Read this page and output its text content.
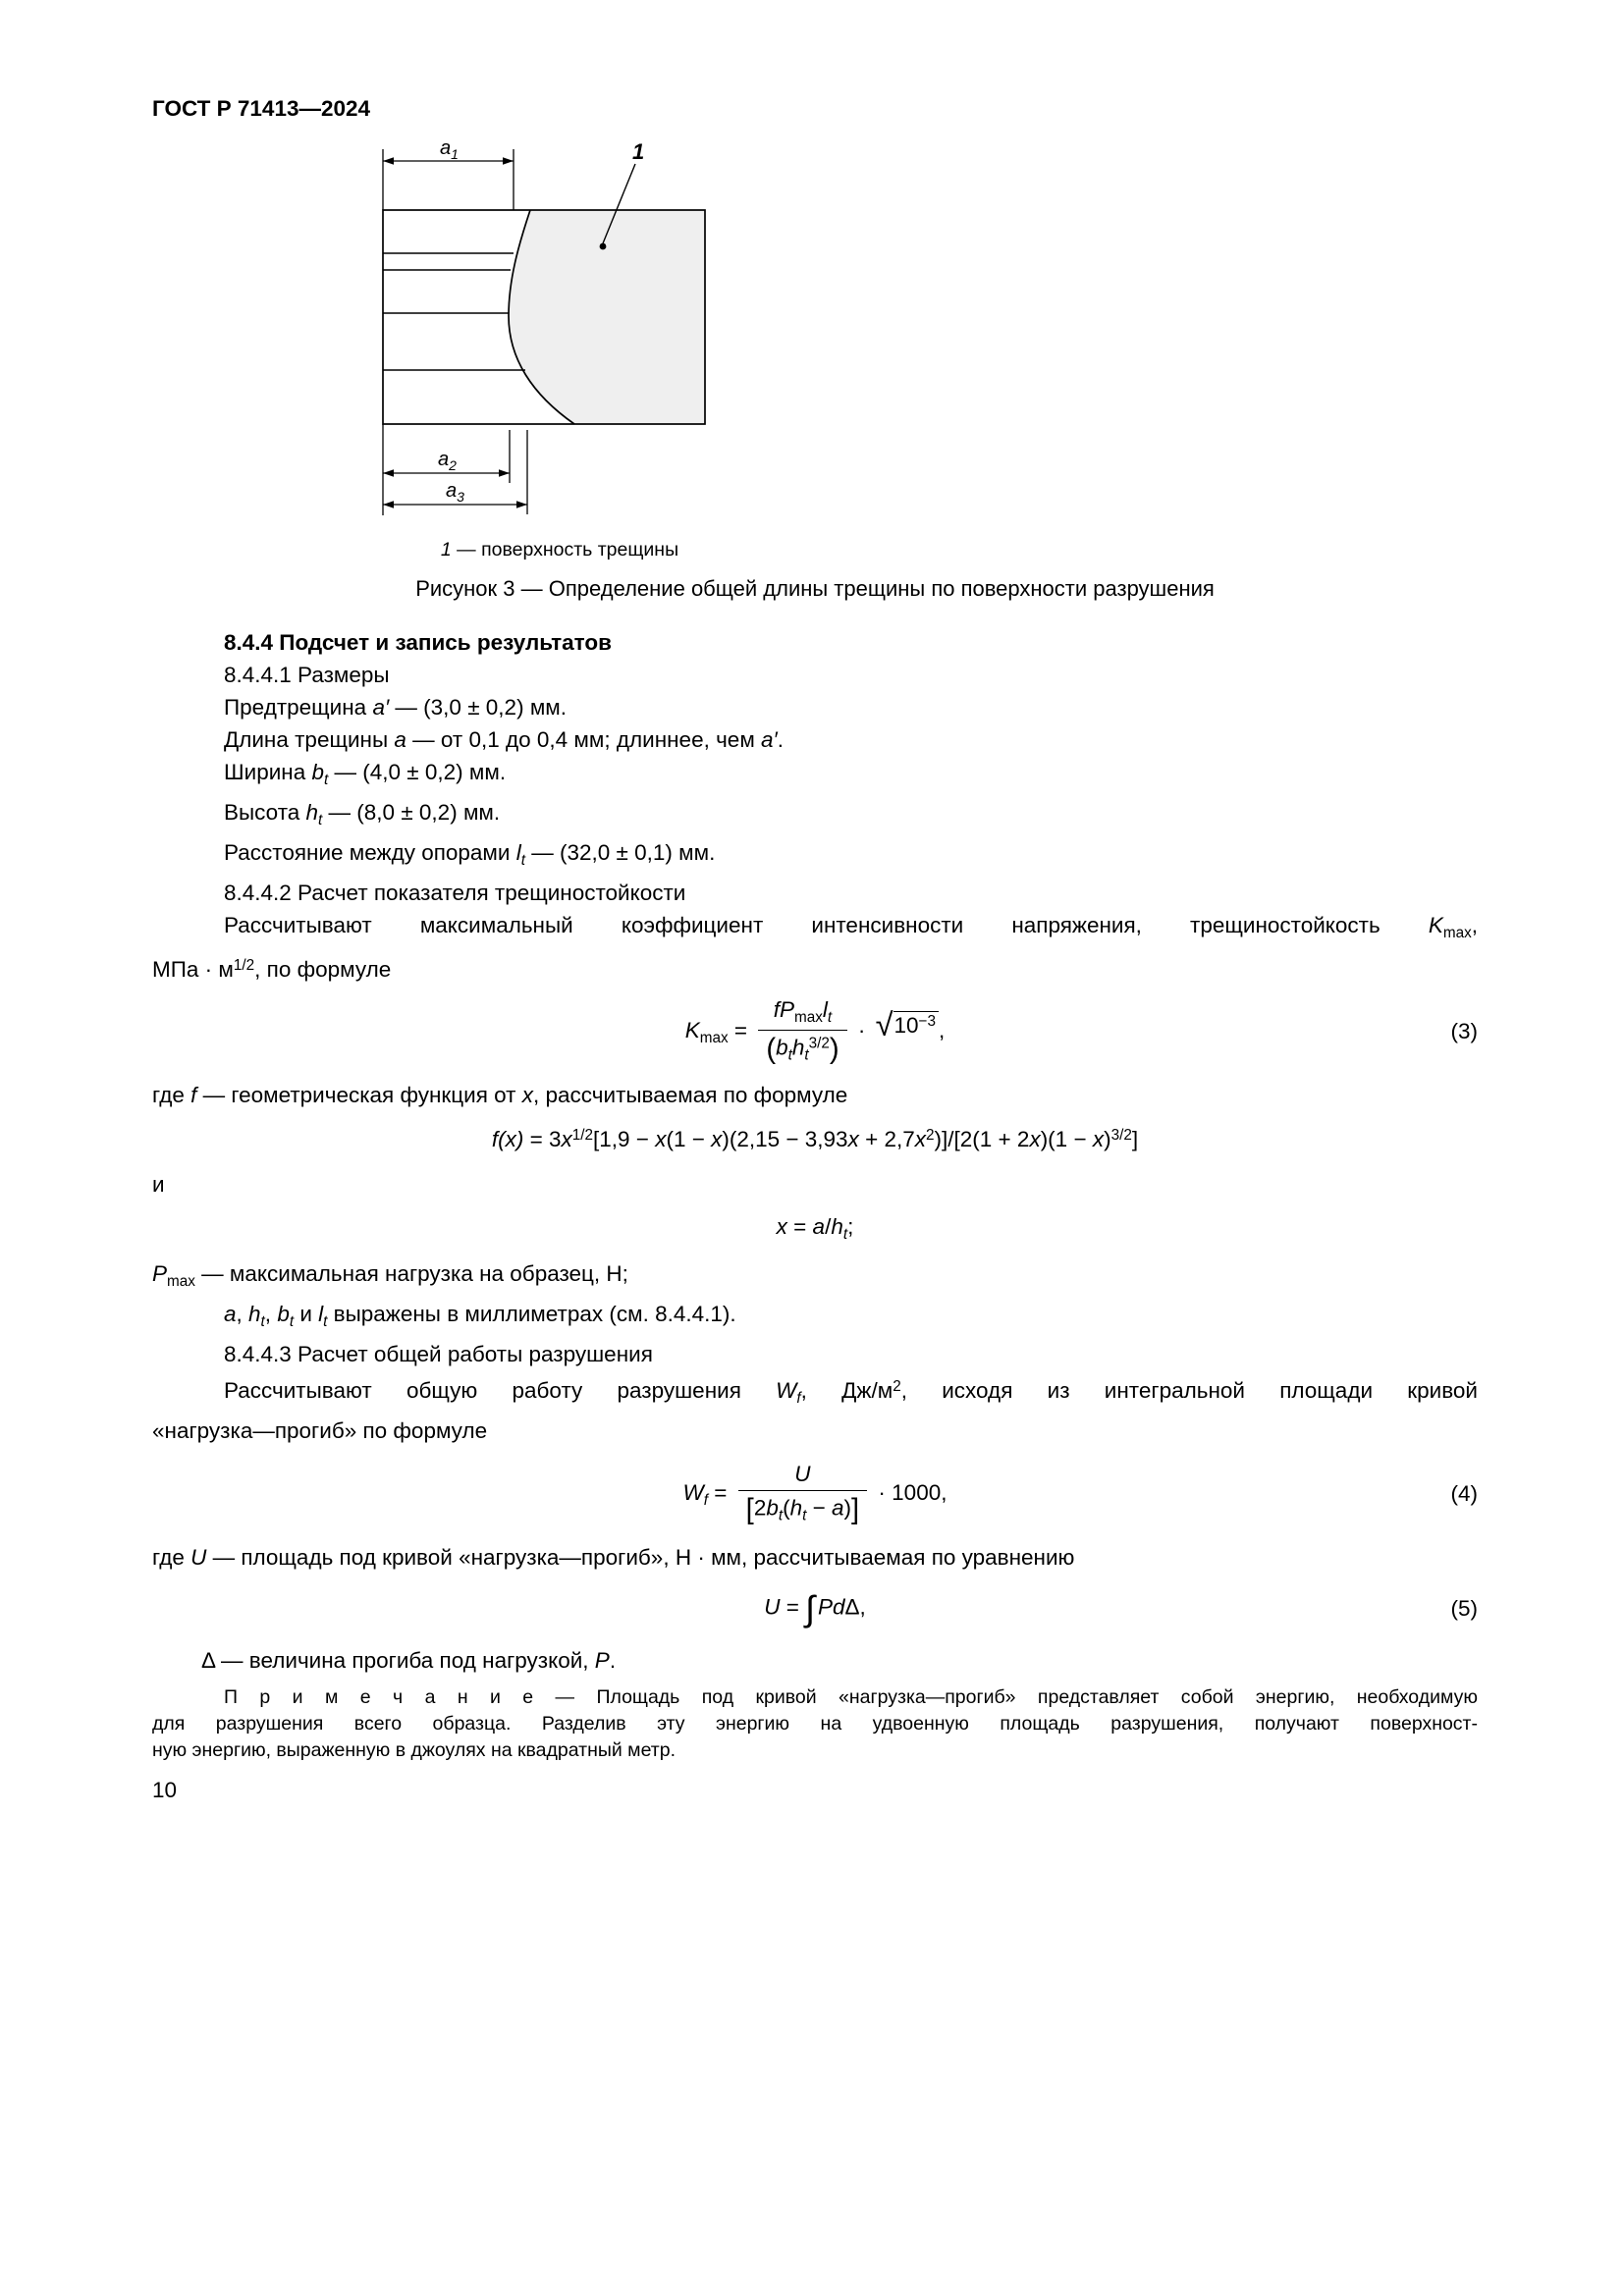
ГОСТ Р 71413—2024
$a_1$	1
$a_2$
$a_3$
1 — поверхность трещины
Рисунок 3 — Определение общей длины трещины по поверхности разрушения
8.4.4 Подсчет и запись результатов
8.4.4.1 Размеры
Предтрещина a′ — (3,0 ± 0,2) мм.
Длина трещины a — от 0,1 до 0,4 мм; длиннее, чем a′.
Ширина $b_t$ — (4,0 ± 0,2) мм.
Высота $h_t$ — (8,0 ± 0,2) мм.
Расстояние между опорами $l_t$ — (32,0 ± 0,1) мм.
8.4.4.2 Расчет показателя трещиностойкости
Рассчитывают максимальный коэффициент интенсивности напряжения, трещиностойкость $K_{max}$,
МПа · $м^{1/2}$, по формуле
$K_{max} = \frac{fP_{max}l_t}{(b_th_t^{3/2})}$ · √ $10^{-3}$ ,	(3)
где f — геометрическая функция от x, рассчитываемая по формуле
$f(x) = 3x^{1/2}[1,9 - x(1 - x)(2,15 - 3,93x + 2,7x^2)]/[2(1 + 2x)(1 - x)^{3/2}]$
и
$x = a/h_t$;
$P_{max}$ — максимальная нагрузка на образец, Н;
a, $h_t$, $b_t$ и $l_t$ выражены в миллиметрах (см. 8.4.4.1).
8.4.4.3 Расчет общей работы разрушения
Рассчитывают общую работу разрушения $W_f$, $Дж/м^2$, исходя из интегральной площади кривой
«нагрузка—прогиб» по формуле
$W_f = \frac{U}{[2b_t(h_t - a)]} \cdot 1000$,	(4)
где U — площадь под кривой «нагрузка—прогиб», Н · мм, рассчитываемая по уравнению
U = ∫ PdΔ,	(5)
Δ — величина прогиба под нагрузкой, P.
П р и м е ч а н и е — Площадь под кривой «нагрузка—прогиб» представляет собой энергию, необходимую
для разрушения всего образца. Разделив эту энергию на удвоенную площадь разрушения, получают поверхност-
ную энергию, выраженную в джоулях на квадратный метр.
10
